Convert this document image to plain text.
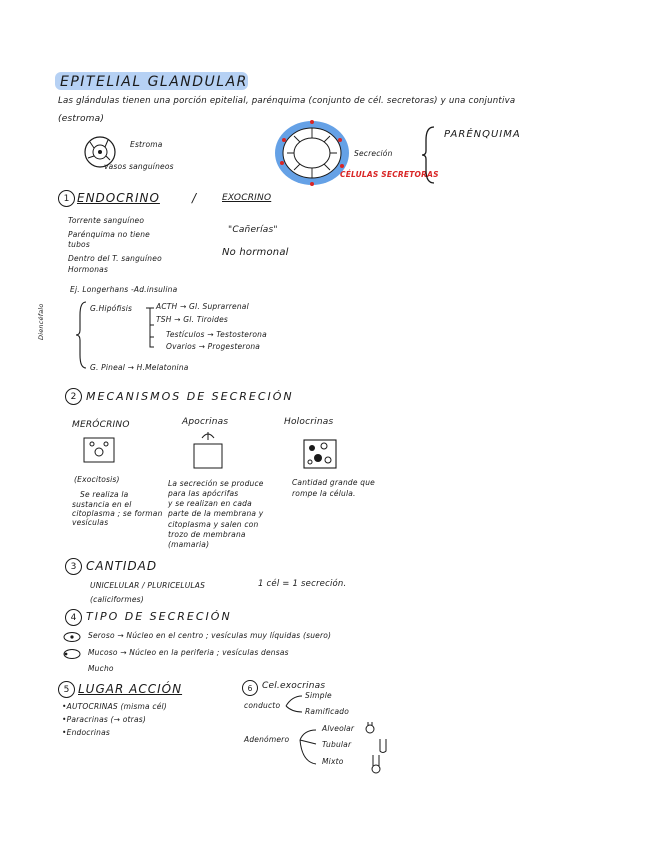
EPITELIAL GLANDULAR
Las glándulas tienen una porción epitelial, parénquima (conjunto de cél. secretoras) y una conjuntiva
(estroma)
Estroma
vasos sanguíneos
Secreción
CÉLULAS SECRETORAS
PARÉNQUIMA
1 ENDOCRINO	/	EXOCRINO
Torrente sanguíneo
Parénquima no tiene
tubos
Dentro del T. sanguíneo
Hormonas
"Cañerías"
No hormonal
Ej. Longerhans -Ad.insulina
G.Hipófisis	ACTH → Gl. Suprarrenal
TSH → Gl. Tiroides
Testículos → Testosterona
Ovarios → Progesterona
Diencéfalo
G. Pineal → H.Melatonina
2 MECANISMOS DE SECRECIÓN
MERÓCRINO
(Exocitosis)
Se realiza la
sustancia en el
citoplasma ; se forman
vesículas
Apocrinas
La secreción se produce
para las apócrifas
y se realizan en cada
parte de la membrana y
citoplasma y salen con
trozo de membrana
(mamaria)
Holocrinas
Cantidad grande que
rompe la célula.
3 CANTIDAD
UNICELULAR / PLURICELULAS
(caliciformes)
1 cél = 1 secreción.
4 TIPO DE SECRECIÓN
Seroso → Núcleo en el centro ; vesículas muy líquidas (suero)
Mucoso → Núcleo en la periferia ; vesículas densas
Mucho
5 LUGAR ACCIÓN
•AUTOCRINAS (misma cél)
•Paracrinas (→ otras)
•Endocrinas
6 Cel.exocrinas
conducto
Simple
Ramificado
Adenómero
Alveolar
Tubular
Mixto
